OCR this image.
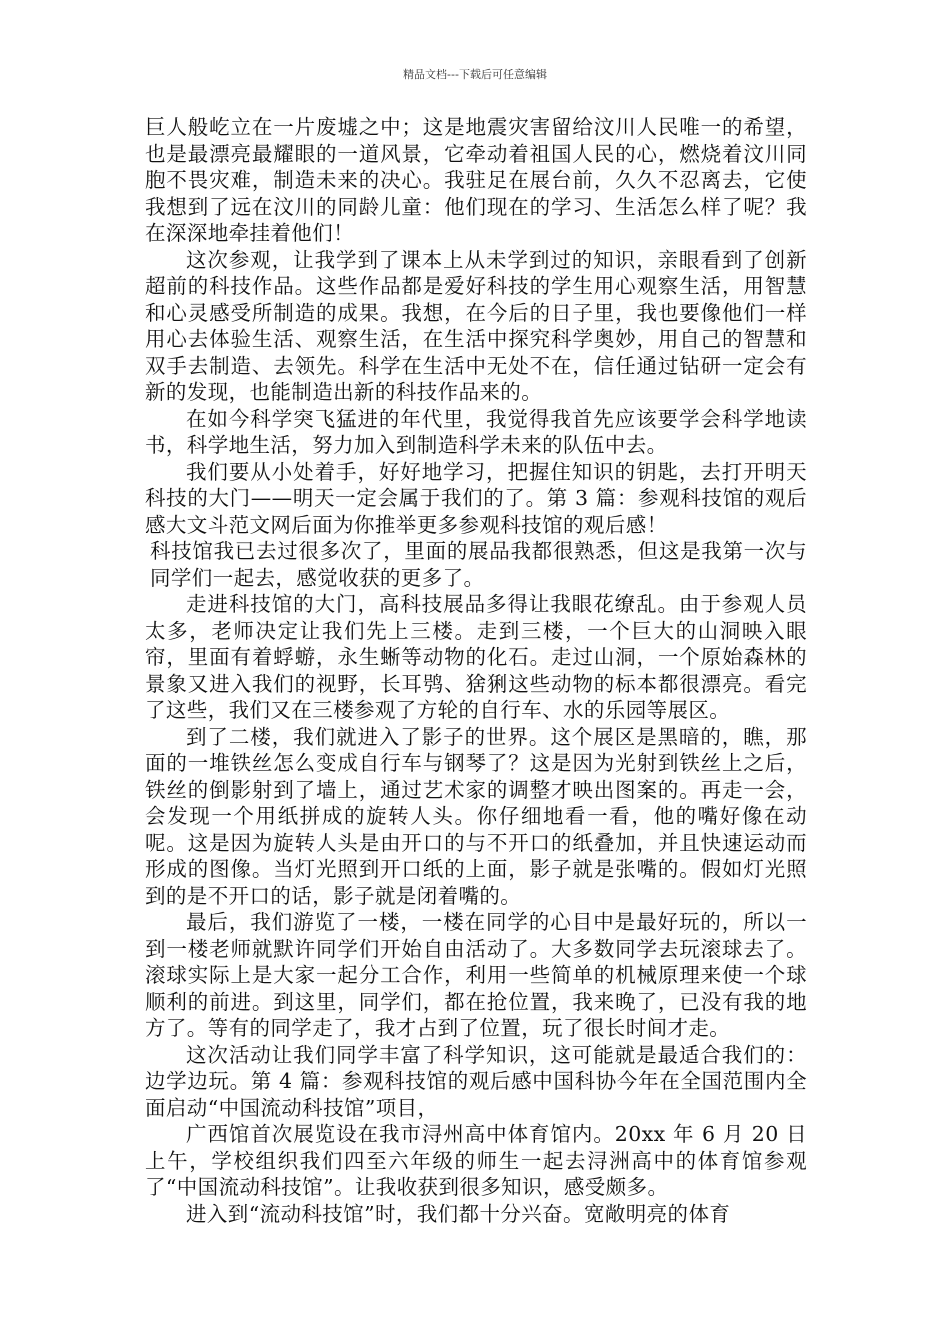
精品文档---下载后可任意编辑

巨人般屹立在一片废墟之中；这是地震灾害留给汶川人民唯一的希望，也是最漂亮最耀眼的一道风景，它牵动着祖国人民的心，燃烧着汶川同胞不畏灾难，制造未来的决心。我驻足在展台前，久久不忍离去，它使我想到了远在汶川的同龄儿童：他们现在的学习、生活怎么样了呢？我在深深地牵挂着他们！

这次参观，让我学到了课本上从未学到过的知识，亲眼看到了创新超前的科技作品。这些作品都是爱好科技的学生用心观察生活，用智慧和心灵感受所制造的成果。我想，在今后的日子里，我也要像他们一样用心去体验生活、观察生活，在生活中探究科学奥妙，用自己的智慧和双手去制造、去领先。科学在生活中无处不在，信任通过钻研一定会有新的发现，也能制造出新的科技作品来的。

在如今科学突飞猛进的年代里，我觉得我首先应该要学会科学地读书，科学地生活，努力加入到制造科学未来的队伍中去。

我们要从小处着手，好好地学习，把握住知识的钥匙，去打开明天科技的大门——明天一定会属于我们的了。第 3 篇：参观科技馆的观后感大文斗范文网后面为你推举更多参观科技馆的观后感！

科技馆我已去过很多次了，里面的展品我都很熟悉，但这是我第一次与同学们一起去，感觉收获的更多了。

走进科技馆的大门，高科技展品多得让我眼花缭乱。由于参观人员太多，老师决定让我们先上三楼。走到三楼，一个巨大的山洞映入眼帘，里面有着蜉蝣，永生蜥等动物的化石。走过山洞，一个原始森林的景象又进入我们的视野，长耳鸮、猞猁这些动物的标本都很漂亮。看完了这些，我们又在三楼参观了方轮的自行车、水的乐园等展区。

到了二楼，我们就进入了影子的世界。这个展区是黑暗的，瞧，那面的一堆铁丝怎么变成自行车与钢琴了？这是因为光射到铁丝上之后，铁丝的倒影射到了墙上，通过艺术家的调整才映出图案的。再走一会，会发现一个用纸拼成的旋转人头。你仔细地看一看，他的嘴好像在动呢。这是因为旋转人头是由开口的与不开口的纸叠加，并且快速运动而形成的图像。当灯光照到开口纸的上面，影子就是张嘴的。假如灯光照到的是不开口的话，影子就是闭着嘴的。

最后，我们游览了一楼，一楼在同学的心目中是最好玩的，所以一到一楼老师就默许同学们开始自由活动了。大多数同学去玩滚球去了。滚球实际上是大家一起分工合作，利用一些简单的机械原理来使一个球顺利的前进。到这里，同学们，都在抢位置，我来晚了，已没有我的地方了。等有的同学走了，我才占到了位置，玩了很长时间才走。

这次活动让我们同学丰富了科学知识，这可能就是最适合我们的：边学边玩。第 4 篇：参观科技馆的观后感中国科协今年在全国范围内全面启动“中国流动科技馆”项目，

广西馆首次展览设在我市浔州高中体育馆内。20xx 年 6 月 20 日上午，学校组织我们四至六年级的师生一起去浔洲高中的体育馆参观了“中国流动科技馆”。让我收获到很多知识，感受颇多。

进入到“流动科技馆”时，我们都十分兴奋。宽敞明亮的体育
